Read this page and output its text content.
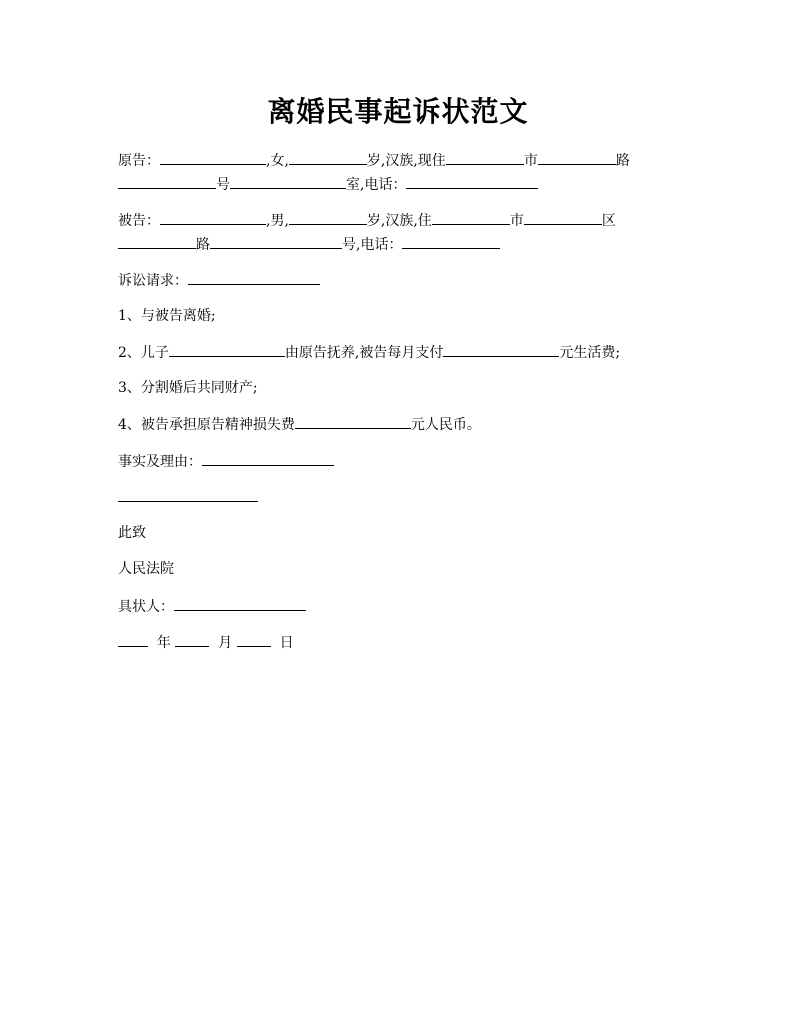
离婚民事起诉状范文
原告：	,女,	岁,汉族,现住	市	路
号	室,电话：
被告：	,男,	岁,汉族,住	市	区
路	号,电话：
诉讼请求：
1、与被告离婚;
2、儿子	由原告抚养,被告每月支付	元生活费;
3、分割婚后共同财产;
4、被告承担原告精神损失费	元人民币。
事实及理由：
此致
人民法院
具状人：
年	月	日
